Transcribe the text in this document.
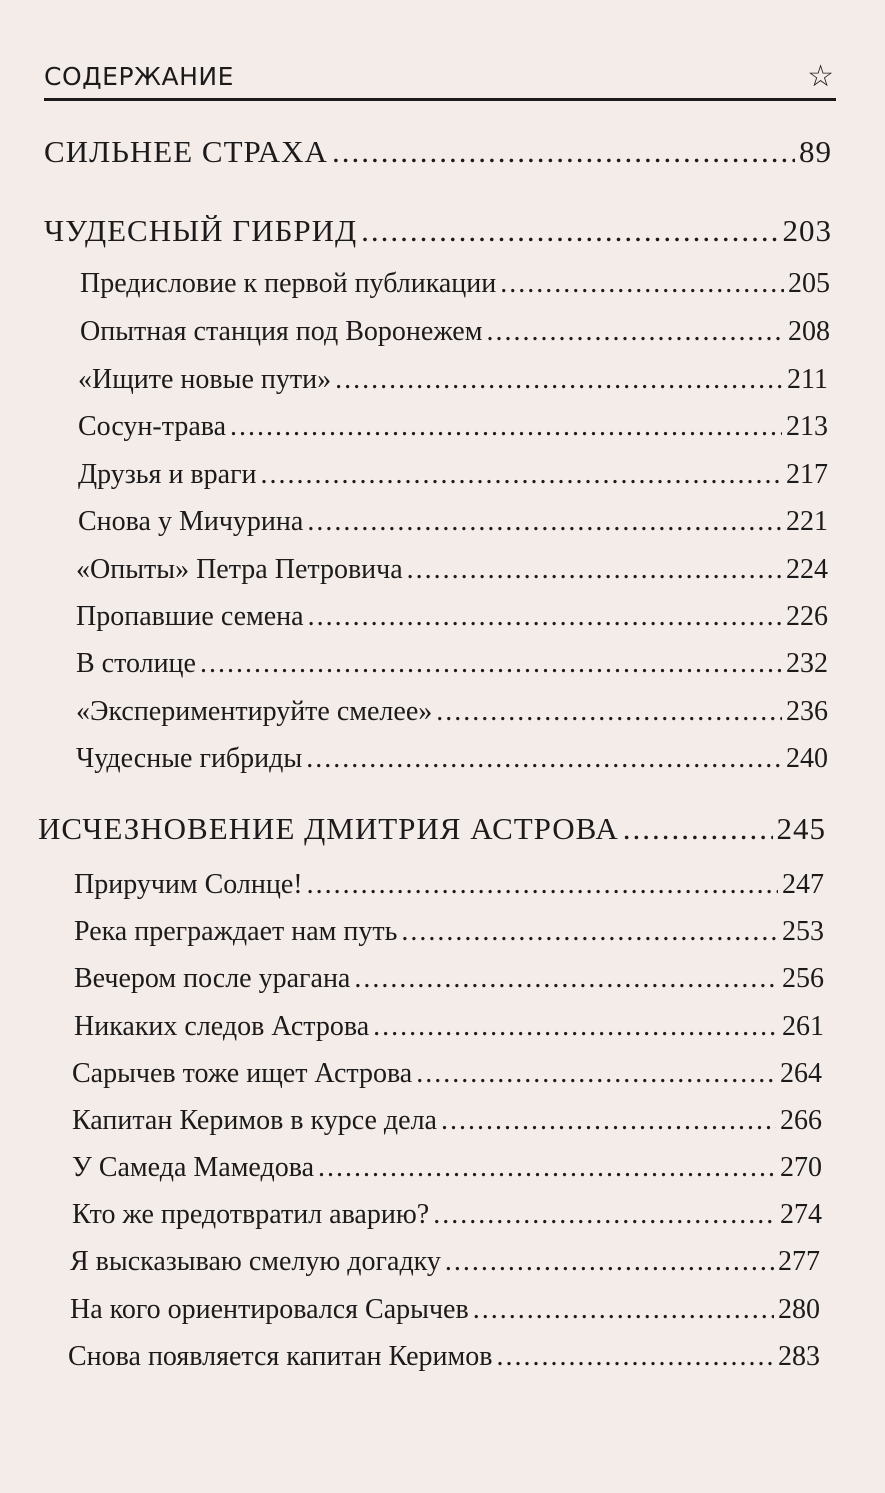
СОДЕРЖАНИЕ	☆
СИЛЬНЕЕ СТРАХА .....	89
ЧУДЕСНЫЙ ГИБРИД .....	203
Предисловие к первой публикации .....	205
Опытная станция под Воронежем .....	208
«Ищите новые пути» .....	211
Сосун-трава .....	213
Друзья и враги .....	217
Снова у Мичурина .....	221
«Опыты» Петра Петровича .....	224
Пропавшие семена .....	226
В столице .....	232
«Экспериментируйте смелее» .....	236
Чудесные гибриды .....	240
ИСЧЕЗНОВЕНИЕ ДМИТРИЯ АСТРОВА .....	245
Приручим Солнце! .....	247
Река преграждает нам путь .....	253
Вечером после урагана .....	256
Никаких следов Астрова .....	261
Сарычев тоже ищет Астрова .....	264
Капитан Керимов в курсе дела .....	266
У Самеда Мамедова .....	270
Кто же предотвратил аварию? .....	274
Я высказываю смелую догадку .....	277
На кого ориентировался Сарычев .....	280
Снова появляется капитан Керимов .....	283
